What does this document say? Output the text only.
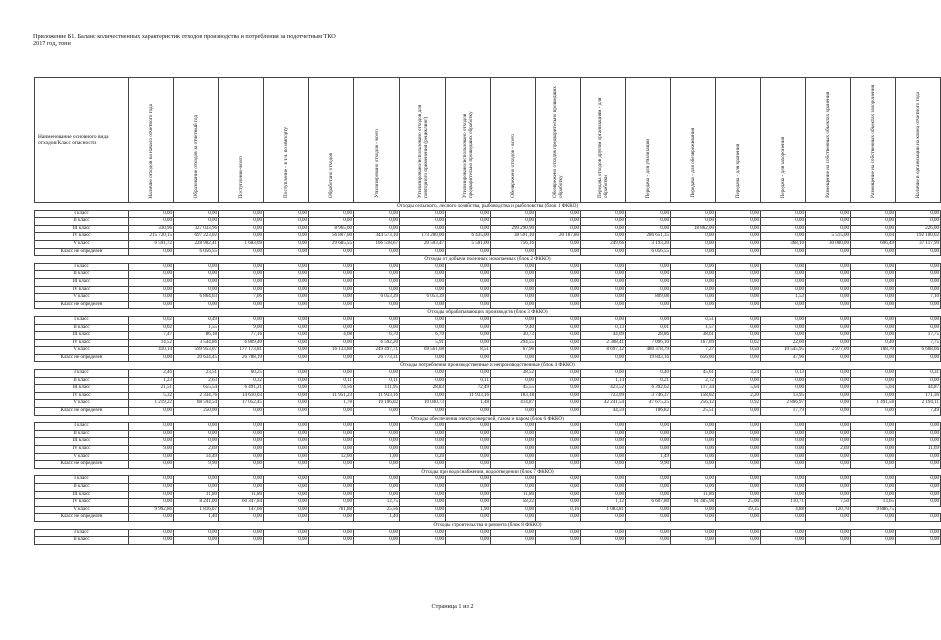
Приложение Б1. Баланс количественных характеристик отходов производства и потребления за подотчетным ТКО
2017 год, тонн
Наименование основного вида отходов/Класс опасности	Наличие отходов на начало отчетного года	Образование отходов за отчетный год	Поступление-всего	Поступление - в т.ч. по импорту	Обработано отходов	Утилизировано отходов - всего	Утилизировано/использовано отходов для повторного применения (рециклинг)	Утилизировано/использовано отходов предварительно прошедших обработку	Обезврежено отходов - всего	Обезврежено отходов предварительно прошедших обработку	Передача отходов другим организациям - для обработки	Передача - для утилизации	Передача - для обезвреживания	Передача - для хранения	Передача - для захоронения	Размещение на собственных объектах хранения	Размещение на собственных объектах захоронения	Наличие в организации на конец отчетного года
Отходы сельского, лесного хозяйства, рыбоводства и рыболовства (блок 1 ФККО)																		
I класс	0,00	0,00	0,00	0,00	0,00	0,00	0,00	0,00	0,00	0,00	0,00	0,00	0,00	0,00	0,00	0,00	0,00	0,00
II класс	0,00	0,00	0,00	0,00	0,00	0,00	0,00	0,00	0,00	0,00	0,00	0,00	0,00	0,00	0,00	0,00	0,00	0,00
III класс	330,96	327 033,96	0,00	0,00	8 965,00	0,00	0,00	0,00	299 290,90	0,00	0,00	0,00	18 862,00	0,00	0,00	0,00	0,00	226,00
IV класс	215 720,15	697 223,02	0,00	0,00	56 867,00	344 573,10	173 200,00	6 435,00	38 591,10	20 187,80	0,00	286 651,35	0,00	0,00	0,00	5 515,00	0,04	192 100,02
V класс	6 591,72	228 902,41	1 683,69	0,00	29 685,55	166 518,67	20 503,47	5 501,00	756,16	0,00	249,66	3 193,20	0,00	0,00	368,10	30 000,00	696,49	37 117,99
Класс не определен	0,00	6 056,55	0,00	0,00	0,00	0,00	0,00	0,00	0,00	0,00	0,00	6 056,55	0,00	0,00	0,00	0,00	0,00	0,00
Отходы от добычи полезных ископаемых (блок 2 ФККО)																		
I класс	0,00	0,00	0,00	0,00	0,00	0,00	0,00	0,00	0,00	0,00	0,00	0,00	0,00	0,00	0,00	0,00	0,00	0,00
II класс	0,00	0,00	0,00	0,00	0,00	0,00	0,00	0,00	0,00	0,00	0,00	0,00	0,00	0,00	0,00	0,00	0,00	0,00
III класс	0,00	0,00	0,00	0,00	0,00	0,00	0,00	0,00	0,00	0,00	0,00	0,00	0,00	0,00	0,00	0,00	0,00	0,00
IV класс	0,00	0,00	0,00	0,00	0,00	0,00	0,00	0,00	0,00	0,00	0,00	0,00	0,00	0,00	0,00	0,00	0,00	0,00
V класс	0,00	6 864,03	7,06	0,00	0,00	6 053,39	6 053,39	0,00	0,00	0,00	0,00	809,08	0,00	0,00	1,53	0,00	0,00	7,10
Класс не определен	0,00	0,00	0,00	0,00	0,00	0,00	0,00	0,00	0,00	0,00	0,00	0,00	0,00	0,00	0,00	0,00	0,00	0,00
Отходы обрабатывающих производств (блок 3 ФККО)																		
I класс	0,02	0,49	0,00	0,00	0,00	0,00	0,00	0,00	0,00	0,00	0,00	0,00	0,51	0,00	0,00	0,00	0,00	0,00
II класс	0,02	1,55	9,00	0,00	0,00	0,00	0,00	0,00	9,40	0,00	0,13	0,01	1,57	0,00	0,00	0,00	0,00	0,00
III класс	7,47	86,18	77,16	0,00	4,08	6,70	6,70	0,00	30,73	0,00	44,09	28,86	38,61	0,00	0,00	0,00	0,00	17,75
IV класс	14,52	3 544,86	6 809,40	0,00	0,00	6 592,20	5,91	0,00	294,55	0,00	2 308,41	7 096,10	167,69	0,02	22,60	0,00	0,40	7,75
V класс	410,14	599 953,07	177 173,81	0,00	16 133,88	249 497,71	69 561,68	8,51	67,96	0,00	8 697,12	480 378,79	7,27	0,50	10 545,95	2 977,00	108,70	6 668,66
Класс не определен	0,00	20 634,45	26 788,19	0,00	0,00	26 773,31	0,00	0,00	0,00	0,00	0,00	19 843,16	656,00	0,00	47,96	0,00	0,00	0,00
Отходы потребления производственные и непроизводственные (блок 4 ФККО)																		
I класс	2,46	23,51	60,25	0,00	0,00	0,00	0,00	0,00	38,52	0,00	0,00	0,40	45,61	3,24	0,13	0,00	0,00	0,31
II класс	1,23	2,63	0,32	0,00	0,11	0,11	0,00	0,11	0,00	0,00	1,14	0,21	2,72	0,00	0,00	0,00	0,00	0,00
III класс	21,51	655,54	6 491,21	0,00	74,56	111,95	28,83	72,49	45,55	0,00	423,52	6 392,62	117,34	5,04	0,00	0,00	5,04	44,87
IV класс	5,32	2 334,76	14 610,03	0,00	11 951,23	11 933,16	0,00	11 933,16	183,18	0,00	723,09	3 746,37	158,02	2,20	13,95	0,00	0,00	171,36
V класс	1 219,22	88 594,54	17 052,45	0,00	1,78	10 106,02	10 040,73	1,48	414,87	0,00	42 241,54	47 675,25	256,12	0,92	2 866,97	0,00	1 491,58	2 194,11
Класс не определен	0,00	250,00	0,00	0,00	0,00	0,00	0,00	0,00	0,00	0,00	44,59	106,82	25,51	0,00	17,79	0,00	0,00	7,49
Отходы обеспечения электроэнергией, газом и паром (блок 6 ФККО)																		
I класс	0,00	0,00	0,00	0,00	0,00	0,00	0,00	0,00	0,00	0,00	0,00	0,00	0,00	0,00	0,00	0,00	0,00	0,00
II класс	0,00	0,00	0,00	0,00	0,00	0,00	0,00	0,00	0,00	0,00	0,00	0,00	0,00	0,00	0,00	0,00	0,00	0,00
III класс	0,00	0,00	0,00	0,00	0,00	0,00	0,00	0,00	0,00	0,00	0,00	0,00	0,00	0,00	0,00	0,00	0,00	0,00
IV класс	9,00	2,69	0,00	0,00	0,00	0,00	0,00	0,00	0,00	0,00	0,00	0,00	0,00	0,00	0,00	2,69	0,00	11,69
V класс	0,00	14,49	0,00	0,00	12,00	1,00	0,20	0,00	0,00	0,00	0,00	1,49	0,00	0,00	0,00	0,00	0,00	0,00
Класс не определен	0,00	9,90	0,00	0,00	0,00	0,00	0,00	0,00	0,00	0,00	0,00	9,90	0,00	0,00	0,00	0,00	0,00	0,00
Отходы при водоснабжении, водоотведении (блок 7 ФККО)																		
I класс	0,00	0,00	0,00	0,00	0,00	0,00	0,00	0,00	0,00	0,00	0,00	0,00	0,00	0,00	0,00	0,00	0,00	0,00
II класс	0,00	0,00	0,00	0,00	0,00	0,00	0,00	0,00	0,00	0,00	0,00	0,00	0,00	0,00	0,00	0,00	0,00	0,00
III класс	0,00	11,80	11,80	0,00	0,00	0,00	0,00	0,00	11,80	0,00	0,00	0,00	11,80	0,00	0,00	0,00	0,00	0,00
IV класс	0,00	8 241,00	60 347,84	0,00	0,00	12,75	0,00	0,00	58,22	0,00	1,12	6 607,80	61 485,98	25,00	110,71	7,50	13,65	0,00
V класс	9 992,86	1 816,07	147,66	0,00	761,88	25,56	0,00	1,90	0,00	0,16	1 083,81	0,00	0,00	19,35	4,88	120,70	9 886,75	
Класс не определен	0,00	1,40	0,00	0,00	0,00	1,40	0,00	0,00	0,00	0,00	0,00	0,00	0,00	0,00	0,00	0,00	0,00	0,00
Отходы строительства и ремонта (блок 8 ФККО)																		
I класс	0,00	0,00	0,00	0,00	0,00	0,00	0,00	0,00	0,00	0,00	0,00	0,00	0,00	0,00	0,00	0,00	0,00	0,00
II класс	0,00	0,00	0,00	0,00	0,00	0,00	0,00	0,00	0,00	0,00	0,00	0,00	0,00	0,00	0,00	0,00	0,00	0,00
Страница 1 из 2
